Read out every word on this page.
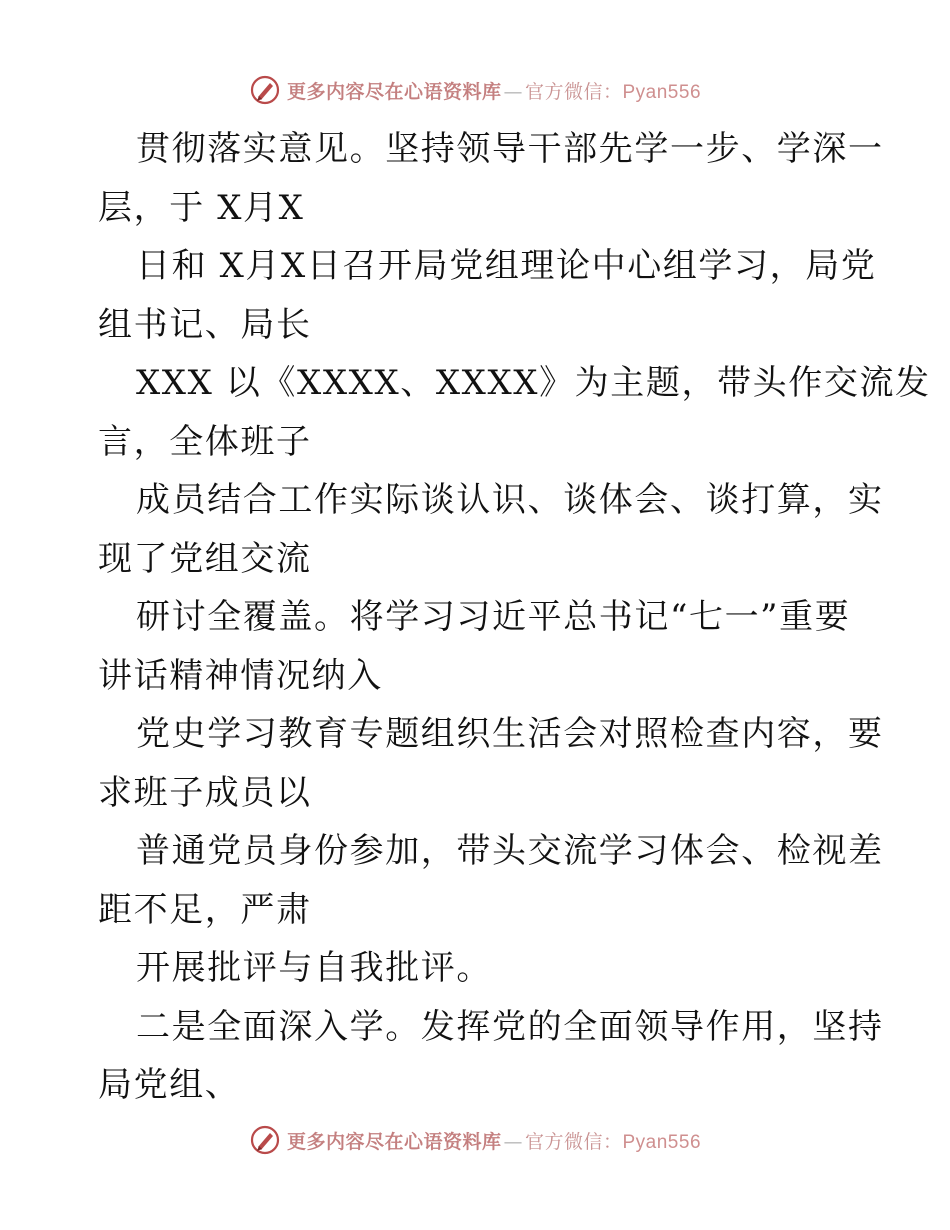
更多内容尽在心语资料库 — 官方微信：Pyan556
贯彻落实意见。坚持领导干部先学一步、学深一
层，于 X月X
日和 X月X日召开局党组理论中心组学习，局党
组书记、局长
XXX 以《XXXX、XXXX》为主题，带头作交流发
言，全体班子
成员结合工作实际谈认识、谈体会、谈打算，实
现了党组交流
研讨全覆盖。将学习习近平总书记“七一”重要
讲话精神情况纳入
党史学习教育专题组织生活会对照检查内容，要
求班子成员以
普通党员身份参加，带头交流学习体会、检视差
距不足，严肃
开展批评与自我批评。
二是全面深入学。发挥党的全面领导作用，坚持
局党组、
更多内容尽在心语资料库 — 官方微信：Pyan556
